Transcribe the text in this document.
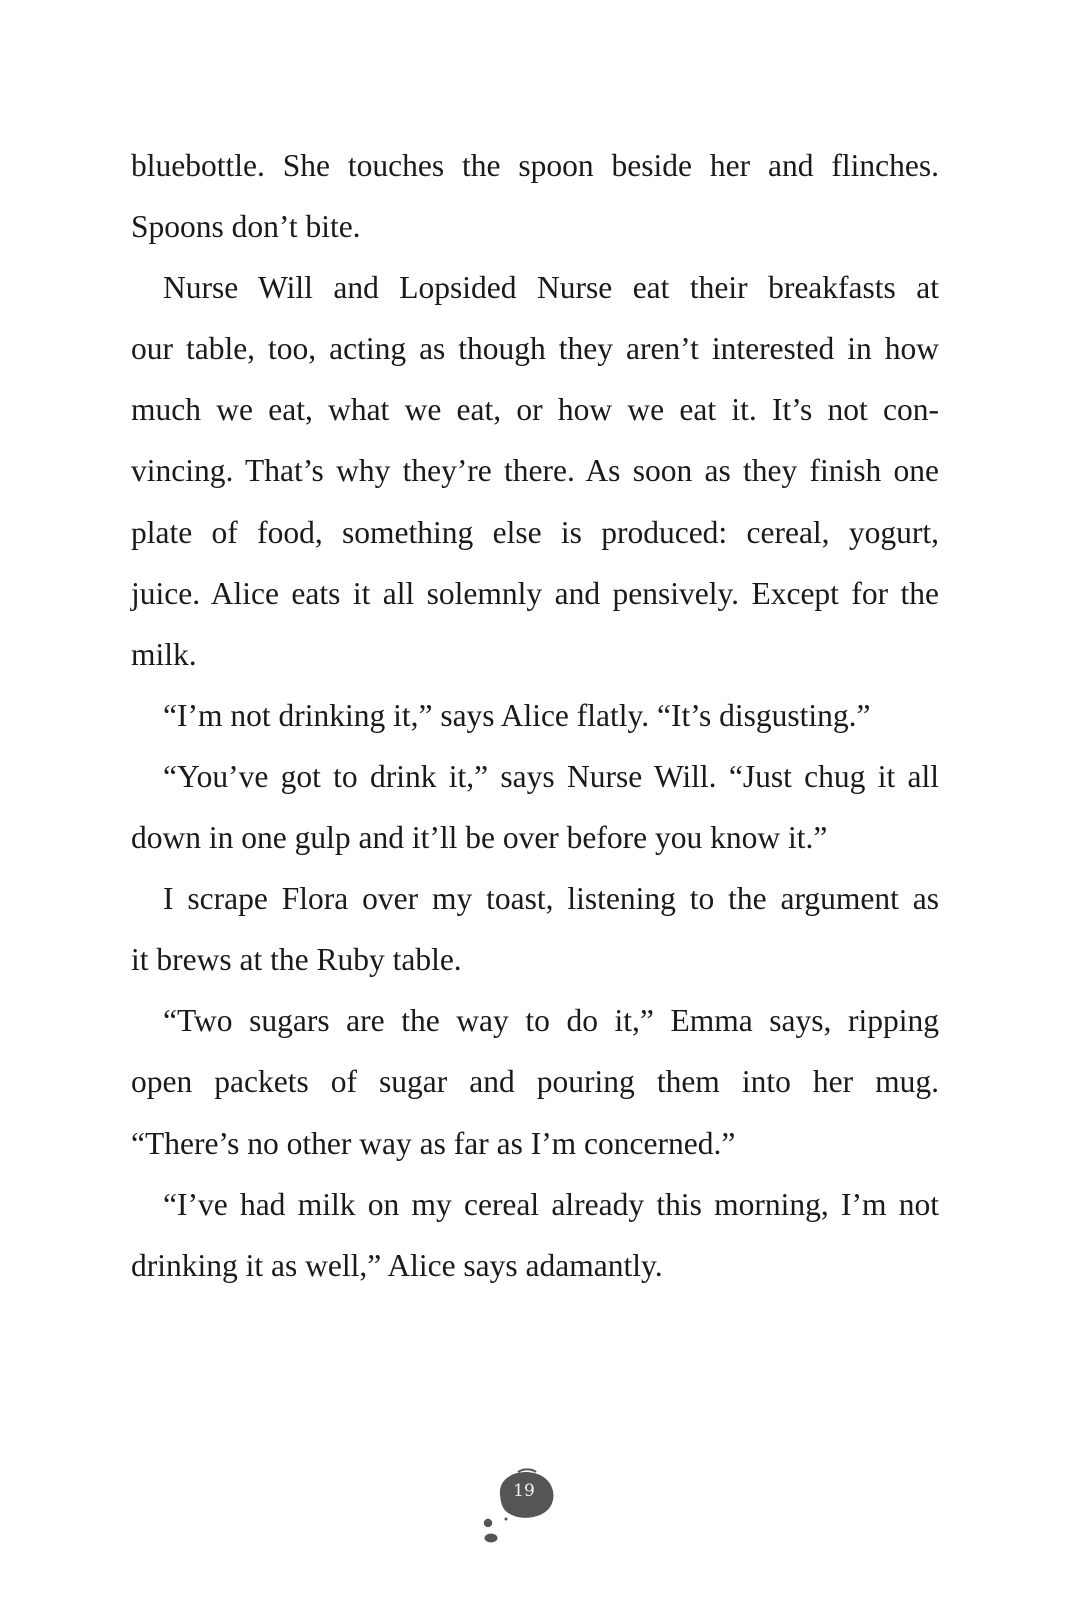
bluebottle. She touches the spoon beside her and flinches.
Spoons don’t bite.
Nurse Will and Lopsided Nurse eat their breakfasts at
our table, too, acting as though they aren’t interested in how
much we eat, what we eat, or how we eat it. It’s not con-
vincing. That’s why they’re there. As soon as they finish one
plate of food, something else is produced: cereal, yogurt,
juice. Alice eats it all solemnly and pensively. Except for the
milk.
“I’m not drinking it,” says Alice flatly. “It’s disgusting.”
“You’ve got to drink it,” says Nurse Will. “Just chug it all
down in one gulp and it’ll be over before you know it.”
I scrape Flora over my toast, listening to the argument as
it brews at the Ruby table.
“Two sugars are the way to do it,” Emma says, ripping
open packets of sugar and pouring them into her mug.
“There’s no other way as far as I’m concerned.”
“I’ve had milk on my cereal already this morning, I’m not
drinking it as well,” Alice says adamantly.
19
